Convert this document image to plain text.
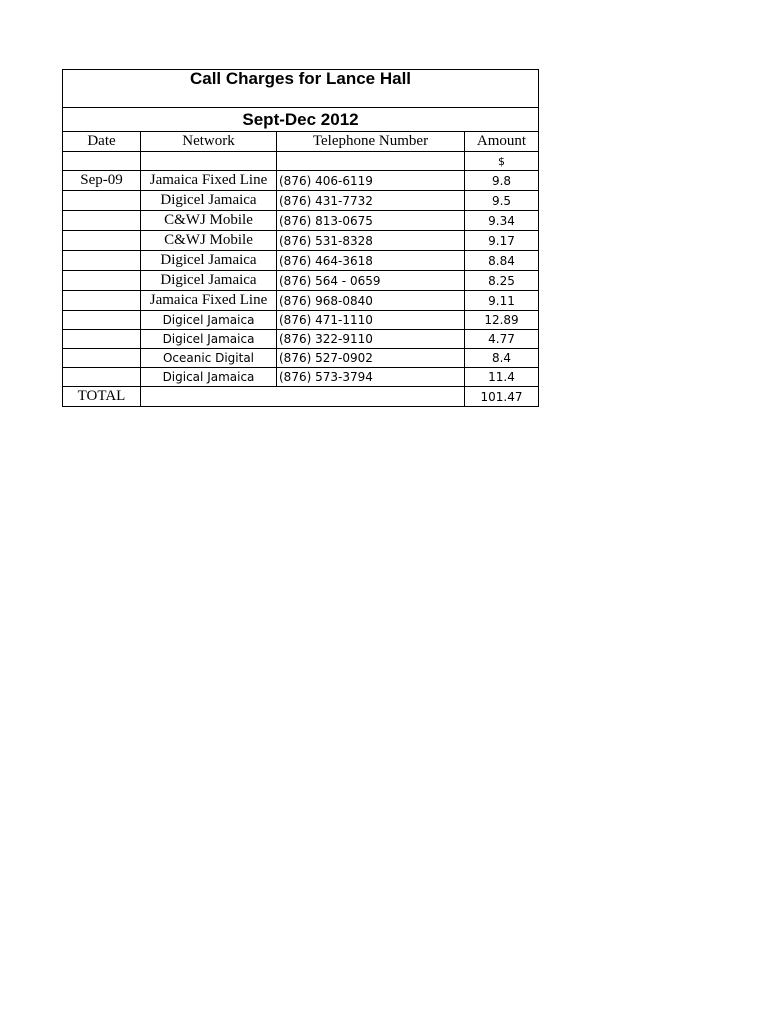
Call Charges for Lance Hall			
Sept-Dec 2012			
Date	Network	Telephone Number	Amount
			$
Sep-09	Jamaica Fixed Line	(876) 406-6119	9.8
	Digicel Jamaica	(876) 431-7732	9.5
	C&WJ Mobile	(876) 813-0675	9.34
	C&WJ Mobile	(876) 531-8328	9.17
	Digicel Jamaica	(876) 464-3618	8.84
	Digicel Jamaica	(876) 564 - 0659	8.25
	Jamaica Fixed Line	(876) 968-0840	9.11
	Digicel Jamaica	(876) 471-1110	12.89
	Digicel Jamaica	(876) 322-9110	4.77
	Oceanic Digital	(876) 527-0902	8.4
	Digical Jamaica	(876) 573-3794	11.4
TOTAL			101.47
